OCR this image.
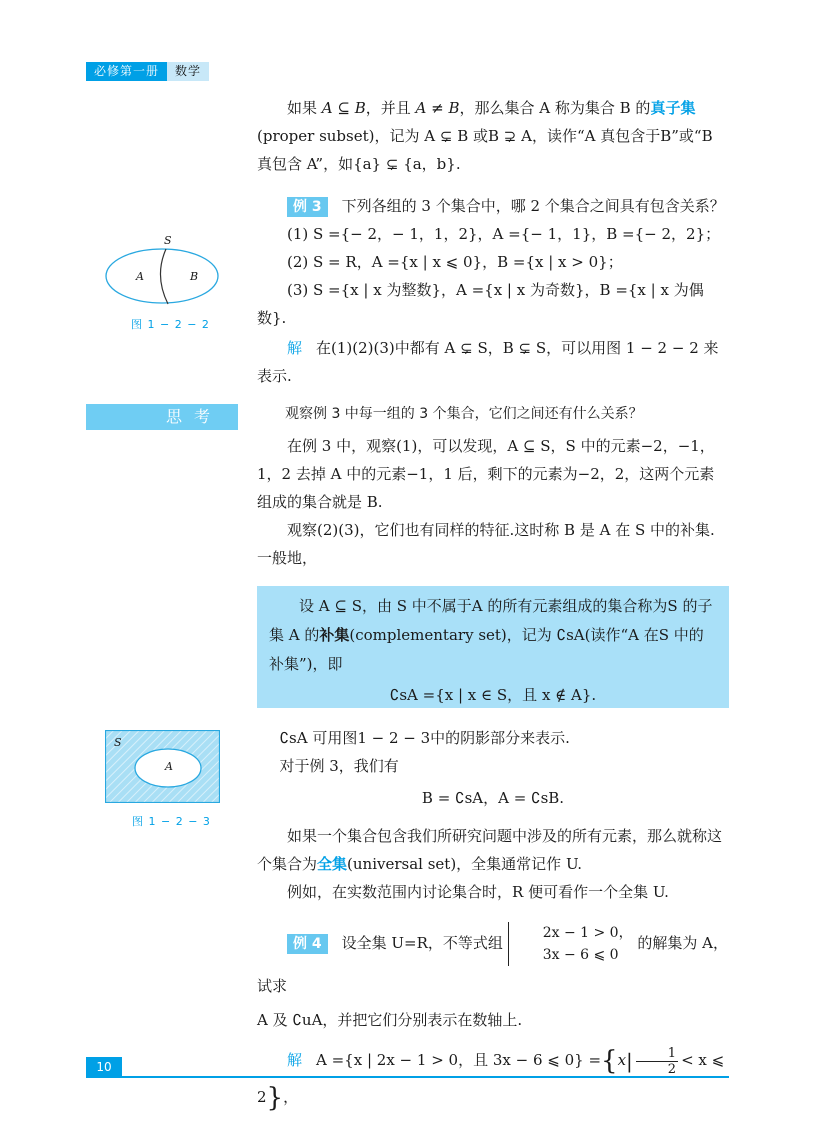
必修第一册	数学

如果 A ⊆ B，并且 A ≠ B，那么集合 A 称为集合 B 的真子集

(proper subset)，记为 A ⊊ B 或B ⊋ A，读作“A 真包含于B”或“B 真包含 A”，如{a} ⊊ {a，b}.

例 3 下列各组的 3 个集合中，哪 2 个集合之间具有包含关系？

(1) S ={− 2，− 1，1，2}，A ={− 1，1}，B ={− 2，2}；

(2) S = R，A ={x | x ⩽ 0}，B ={x | x > 0}；

(3) S ={x | x 为整数}，A ={x | x 为奇数}，B ={x | x 为偶数}.

解 在(1)(2)(3)中都有 A ⊊ S，B ⊊ S，可以用图 1 − 2 − 2 来表示.

S
A	B
图 1 − 2 − 2
思考	观察例 3 中每一组的 3 个集合，它们之间还有什么关系？

在例 3 中，观察(1)，可以发现，A ⊆ S，S 中的元素−2，−1，1，2 去掉 A 中的元素−1，1 后，剩下的元素为−2，2，这两个元素组成的集合就是 B.

观察(2)(3)，它们也有同样的特征.这时称 B 是 A 在 S 中的补集.一般地，

设 A ⊆ S，由 S 中不属于A 的所有元素组成的集合称为S 的子集 A 的补集(complementary set)，记为 ∁sA(读作“A 在S 中的补集”)，即

∁sA ={x | x ∈ S，且 x ∉ A}.

S
A
图 1 − 2 − 3

∁sA 可用图1 − 2 − 3中的阴影部分来表示.

对于例 3，我们有

B = ∁sA，A = ∁sB.

如果一个集合包含我们所研究问题中涉及的所有元素，那么就称这个集合为全集(universal set)，全集通常记作 U.

例如，在实数范围内讨论集合时，R 便可看作一个全集 U.

例 4 设全集 U=R，不等式组
2x − 1 > 0，
3x − 6 ⩽ 0
的解集为 A，试求

A 及 ∁uA，并把它们分别表示在数轴上.

解 A ={x | 2x − 1 > 0，且 3x − 6 ⩽ $0\} =\{x| \frac{1}{2} < x$ ⩽ 2}，

10
